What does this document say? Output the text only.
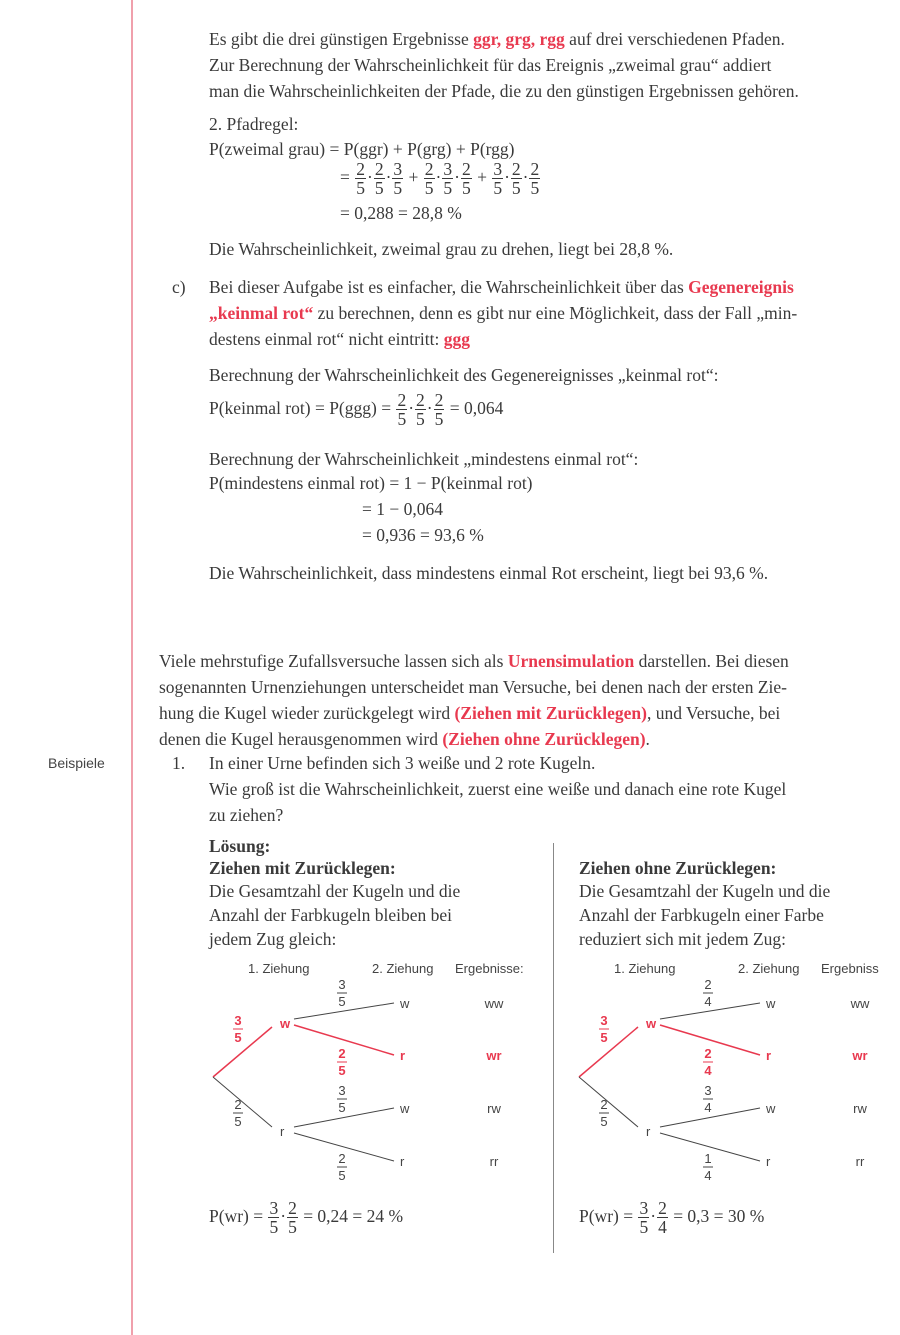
Es gibt die drei günstigen Ergebnisse ggr, grg, rgg auf drei verschiedenen Pfaden.
Zur Berechnung der Wahrscheinlichkeit für das Ereignis „zweimal grau“ addiert
man die Wahrscheinlichkeiten der Pfade, die zu den günstigen Ergebnissen gehören.
2. Pfadregel:
P(zweimal grau) = P(ggr) + P(grg) + P(rgg)
= $\frac{2}{5} \cdot \frac{2}{5} \cdot \frac{3}{5} + \frac{2}{5} \cdot \frac{3}{5} \cdot \frac{2}{5} + \frac{3}{5} \cdot \frac{2}{5} \cdot \frac{2}{5}$
= 0,288 = 28,8 %
Die Wahrscheinlichkeit, zweimal grau zu drehen, liegt bei 28,8 %.
c) Bei dieser Aufgabe ist es einfacher, die Wahrscheinlichkeit über das Gegenereignis
„keinmal rot“ zu berechnen, denn es gibt nur eine Möglichkeit, dass der Fall „min-
destens einmal rot“ nicht eintritt: ggg
Berechnung der Wahrscheinlichkeit des Gegenereignisses „keinmal rot“:
P(keinmal $rot) = P(ggg) = \frac{2}{5} \cdot \frac{2}{5} \cdot \frac{2}{5} = 0,064$
Berechnung der Wahrscheinlichkeit „mindestens einmal rot“:
P(mindestens einmal rot) = 1 − P(keinmal rot)
= 1 − 0,064
= 0,936 = 93,6 %
Die Wahrscheinlichkeit, dass mindestens einmal Rot erscheint, liegt bei 93,6 %.
Viele mehrstufige Zufallsversuche lassen sich als Urnensimulation darstellen. Bei diesen
sogenannten Urnenziehungen unterscheidet man Versuche, bei denen nach der ersten Zie-
hung die Kugel wieder zurückgelegt wird (Ziehen mit Zurücklegen), und Versuche, bei
denen die Kugel herausgenommen wird (Ziehen ohne Zurücklegen).
Beispiele	1. In einer Urne befinden sich 3 weiße und 2 rote Kugeln.
Wie groß ist die Wahrscheinlichkeit, zuerst eine weiße und danach eine rote Kugel
zu ziehen?
Lösung:
Ziehen mit Zurücklegen:
Die Gesamtzahl der Kugeln und die
Anzahl der Farbkugeln bleiben bei
jedem Zug gleich:
Ziehen ohne Zurücklegen:
Die Gesamtzahl der Kugeln und die
Anzahl der Farbkugeln einer Farbe
reduziert sich mit jedem Zug:
1. Ziehung	2. Ziehung Ergebnisse:
w
3
5
r
2
5
w
3
5	ww
r
2
5
wr
w
3
5	rw
r
2
5
rr
1. Ziehung	2. Ziehung Ergebniss
w
3
5
r
2
5
w
2
4	ww
r
2
4
wr
w
3
4	rw
r
1
4
rr
$P(wr) = \frac{3}{5} \cdot \frac{2}{5} = 0,24 = 24$ %	$P(wr) = \frac{3}{5} \cdot \frac{2}{4} = 0,3 = 30$ %
